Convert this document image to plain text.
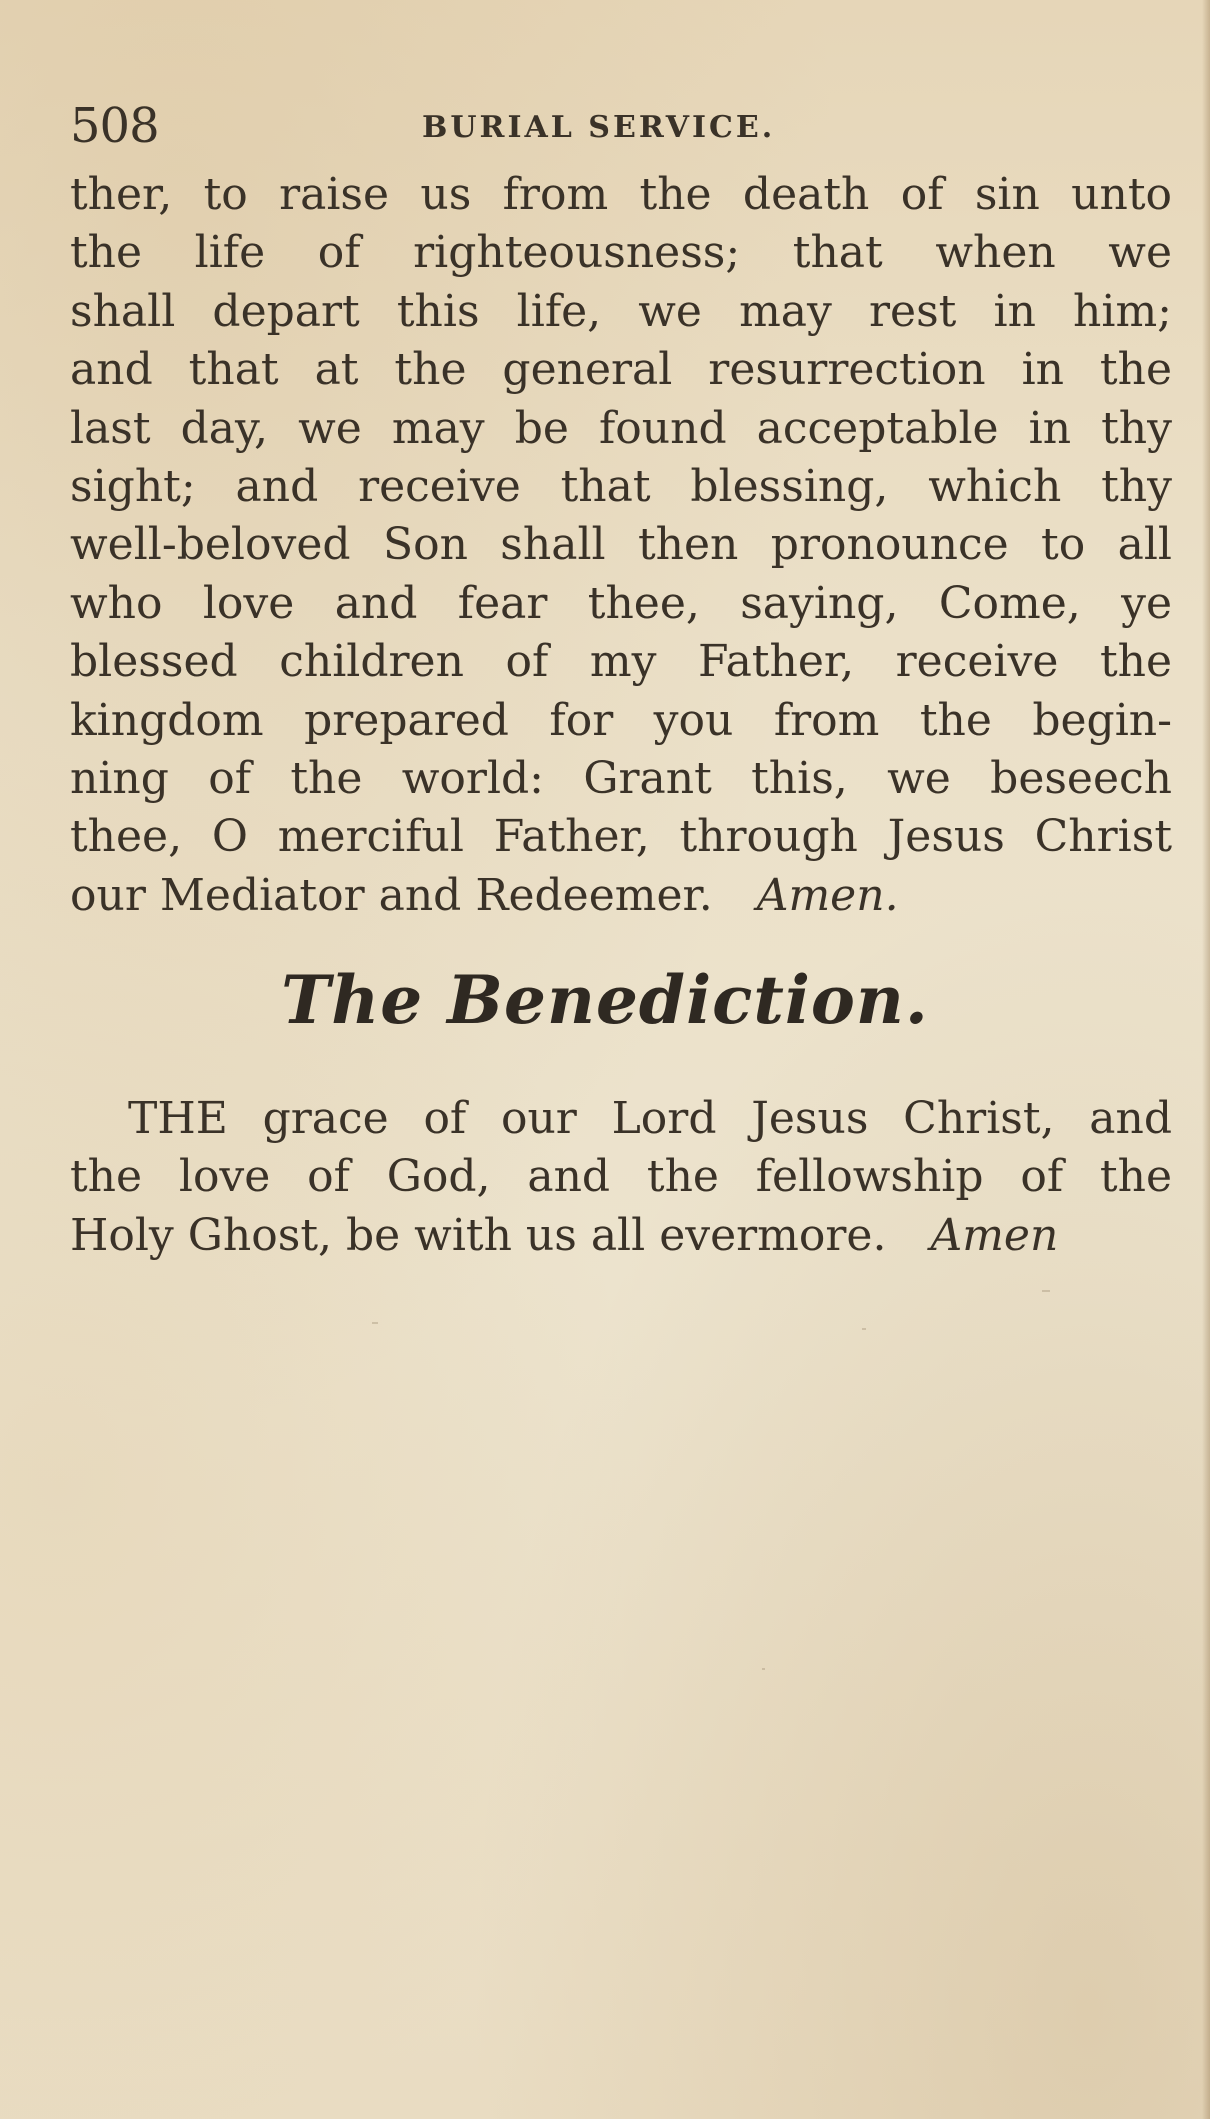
508	BURIAL SERVICE.
ther, to raise us from the death of sin unto
the life of righteousness; that when we
shall depart this life, we may rest in him;
and that at the general resurrection in the
last day, we may be found acceptable in thy
sight; and receive that blessing, which thy
well-beloved Son shall then pronounce to all
who love and fear thee, saying, Come, ye
blessed children of my Father, receive the
kingdom prepared for you from the begin-
ning of the world: Grant this, we beseech
thee, O merciful Father, through Jesus Christ
our Mediator and Redeemer. Amen.
The Benediction.
THE grace of our Lord Jesus Christ, and
the love of God, and the fellowship of the
Holy Ghost, be with us all evermore. Amen
